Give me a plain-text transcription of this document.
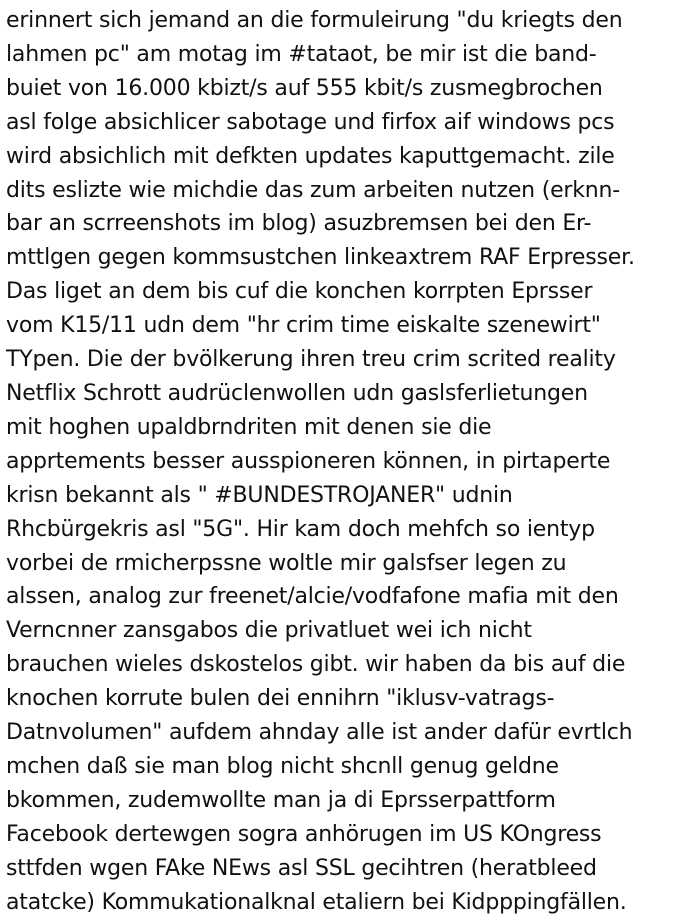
erinnert sich jemand an die formuleirung "du kriegts den
lahmen pc" am motag im #tataot, be mir ist die band-
buiet von 16.000 kbizt/s auf 555 kbit/s zusmegbrochen
asl folge absichlicer sabotage und firfox aif windows pcs
wird absichlich mit defkten updates kaputtgemacht. zile
dits eslizte wie michdie das zum arbeiten nutzen (erknn-
bar an scrreenshots im blog) asuzbremsen bei den Er-
mttlgen gegen kommsustchen linkeaxtrem RAF Erpresser.
Das liget an dem bis cuf die konchen korrpten Eprsser
vom K15/11 udn dem "hr crim time eiskalte szenewirt"
TYpen. Die der bvölkerung ihren treu crim scrited reality
Netflix Schrott audrüclenwollen udn gaslsferlietungen
mit hoghen upaldbrndriten mit denen sie die
apprtements besser ausspioneren können, in pirtaperte
krisn bekannt als " #BUNDESTROJANER" udnin
Rhcbürgekris asl "5G". Hir kam doch mehfch so ientyp
vorbei de rmicherpssne woltle mir galsfser legen zu
alssen, analog zur freenet/alcie/vodfafone mafia mit den
Verncnner zansgabos die privatluet wei ich nicht
brauchen wieles dskostelos gibt. wir haben da bis auf die
knochen korrute bulen dei ennihrn "iklusv-vatrags-
Datnvolumen" aufdem ahnday alle ist ander dafür evrtlch
mchen daß sie man blog nicht shcnll genug geldne
bkommen, zudemwollte man ja di Eprsserpattform
Facebook dertewgen sogra anhörugen im US KOngress
sttfden wgen FAke NEws asl SSL gecihtren (heratbleed
atatcke) Kommukationalknal etaliern bei Kidpppingfällen.
